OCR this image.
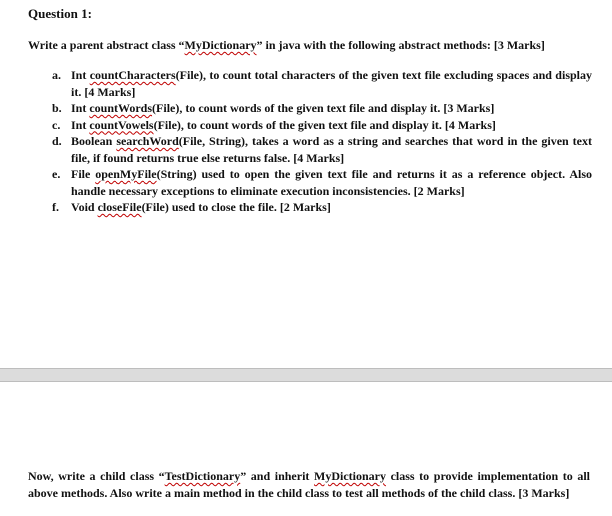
Question 1:
Write a parent abstract class “MyDictionary” in java with the following abstract methods: [3 Marks]
a. Int countCharacters(File), to count total characters of the given text file excluding spaces and display it. [4 Marks]
b. Int countWords(File), to count words of the given text file and display it. [3 Marks]
c. Int countVowels(File), to count words of the given text file and display it. [4 Marks]
d. Boolean searchWord(File, String), takes a word as a string and searches that word in the given text file, if found returns true else returns false. [4 Marks]
e. File openMyFile(String) used to open the given text file and returns it as a reference object. Also handle necessary exceptions to eliminate execution inconsistencies. [2 Marks]
f.	Void closeFile(File) used to close the file. [2 Marks]
Now, write a child class “TestDictionary” and inherit MyDictionary class to provide implementation to all above methods. Also write a main method in the child class to test all methods of the child class. [3 Marks]
